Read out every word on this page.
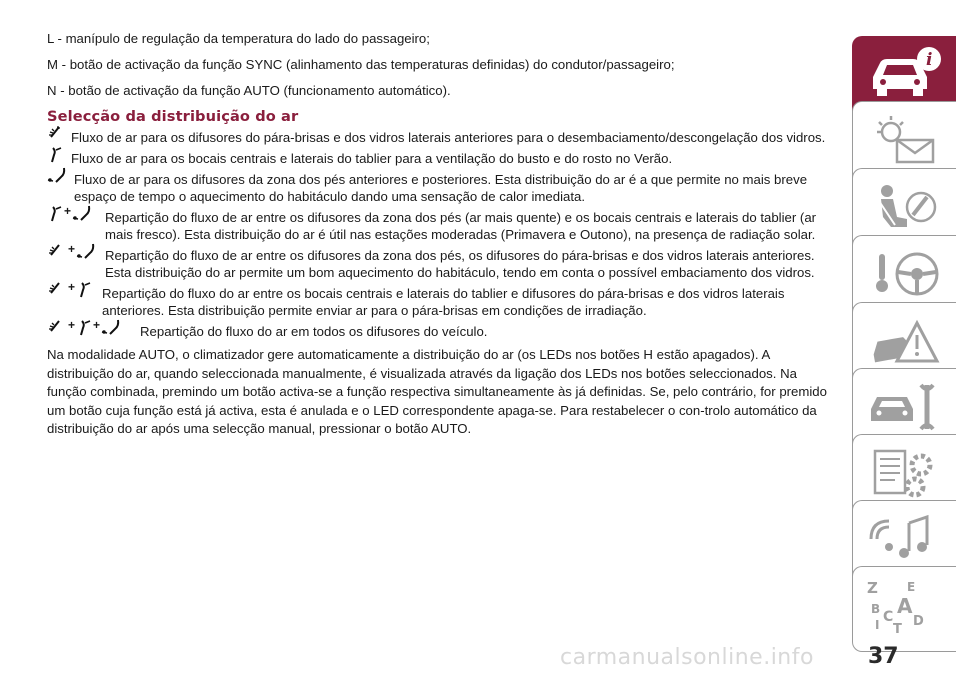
L - manípulo de regulação da temperatura do lado do passageiro;
M - botão de activação da função SYNC (alinhamento das temperaturas definidas) do condutor/passageiro;
N - botão de activação da função AUTO (funcionamento automático).
Selecção da distribuição do ar
Fluxo de ar para os difusores do pára-brisas e dos vidros laterais anteriores para o desembaciamento/descongelação dos vidros.
Fluxo de ar para os bocais centrais e laterais do tablier para a ventilação do busto e do rosto no Verão.
Fluxo de ar para os difusores da zona dos pés anteriores e posteriores. Esta distribuição do ar é a que permite no mais breve espaço de tempo o aquecimento do habitáculo dando uma sensação de calor imediata.
+	Repartição do fluxo de ar entre os difusores da zona dos pés (ar mais quente) e os bocais centrais e laterais do tablier (ar mais fresco). Esta distribuição do ar é útil nas estações moderadas (Primavera e Outono), na presença de radiação solar.
+ Repartição do fluxo de ar entre os difusores da zona dos pés, os difusores do pára-brisas e dos vidros laterais anteriores. Esta distribuição do ar permite um bom aquecimento do habitáculo, tendo em conta o possível embaciamento dos vidros.
+ Repartição do fluxo do ar entre os bocais centrais e laterais do tablier e difusores do pára-brisas e dos vidros laterais anteriores. Esta distribuição permite enviar ar para o pára-brisas em condições de irradiação.
+ +	Repartição do fluxo do ar em todos os difusores do veículo.
Na modalidade AUTO, o climatizador gere automaticamente a distribuição do ar (os LEDs nos botões H estão apagados). A distribuição do ar, quando seleccionada manualmente, é visualizada através da ligação dos LEDs nos botões seleccionados. Na função combinada, premindo um botão activa-se a função respectiva simultaneamente às já definidas. Se, pelo contrário, for premido um botão cuja função está já activa, esta é anulada e o LED correspondente apaga-se. Para restabelecer o con-trolo automático da distribuição do ar após uma selecção manual, pressionar o botão AUTO.
i
Z E
B A
C D
I T
carmanualsonline.info 37
